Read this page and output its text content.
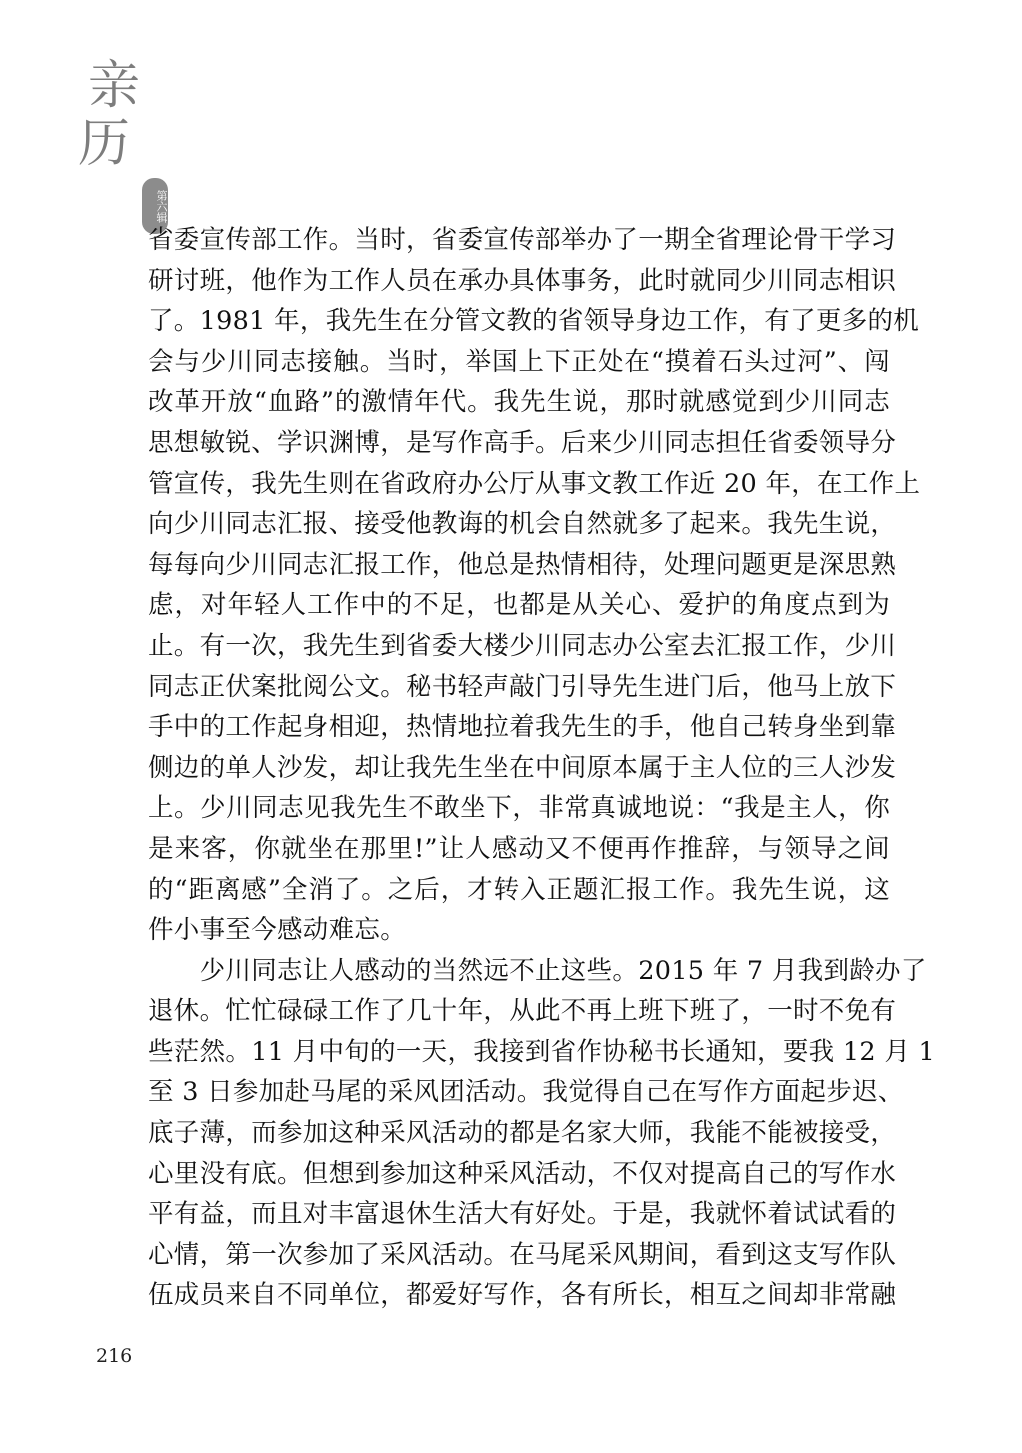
亲
历
第六辑
省委宣传部工作。当时，省委宣传部举办了一期全省理论骨干学习
研讨班，他作为工作人员在承办具体事务，此时就同少川同志相识
了。1981 年，我先生在分管文教的省领导身边工作，有了更多的机
会与少川同志接触。当时，举国上下正处在“摸着石头过河”、闯
改革开放“血路”的激情年代。我先生说，那时就感觉到少川同志
思想敏锐、学识渊博，是写作高手。后来少川同志担任省委领导分
管宣传，我先生则在省政府办公厅从事文教工作近 20 年，在工作上
向少川同志汇报、接受他教诲的机会自然就多了起来。我先生说，
每每向少川同志汇报工作，他总是热情相待，处理问题更是深思熟
虑，对年轻人工作中的不足，也都是从关心、爱护的角度点到为
止。有一次，我先生到省委大楼少川同志办公室去汇报工作，少川
同志正伏案批阅公文。秘书轻声敲门引导先生进门后，他马上放下
手中的工作起身相迎，热情地拉着我先生的手，他自己转身坐到靠
侧边的单人沙发，却让我先生坐在中间原本属于主人位的三人沙发
上。少川同志见我先生不敢坐下，非常真诚地说：“我是主人，你
是来客，你就坐在那里!”让人感动又不便再作推辞，与领导之间
的“距离感”全消了。之后，才转入正题汇报工作。我先生说，这
件小事至今感动难忘。
　　少川同志让人感动的当然远不止这些。2015 年 7 月我到龄办了
退休。忙忙碌碌工作了几十年，从此不再上班下班了，一时不免有
些茫然。11 月中旬的一天，我接到省作协秘书长通知，要我 12 月 1
至 3 日参加赴马尾的采风团活动。我觉得自己在写作方面起步迟、
底子薄，而参加这种采风活动的都是名家大师，我能不能被接受，
心里没有底。但想到参加这种采风活动，不仅对提高自己的写作水
平有益，而且对丰富退休生活大有好处。于是，我就怀着试试看的
心情，第一次参加了采风活动。在马尾采风期间，看到这支写作队
伍成员来自不同单位，都爱好写作，各有所长，相互之间却非常融
216
